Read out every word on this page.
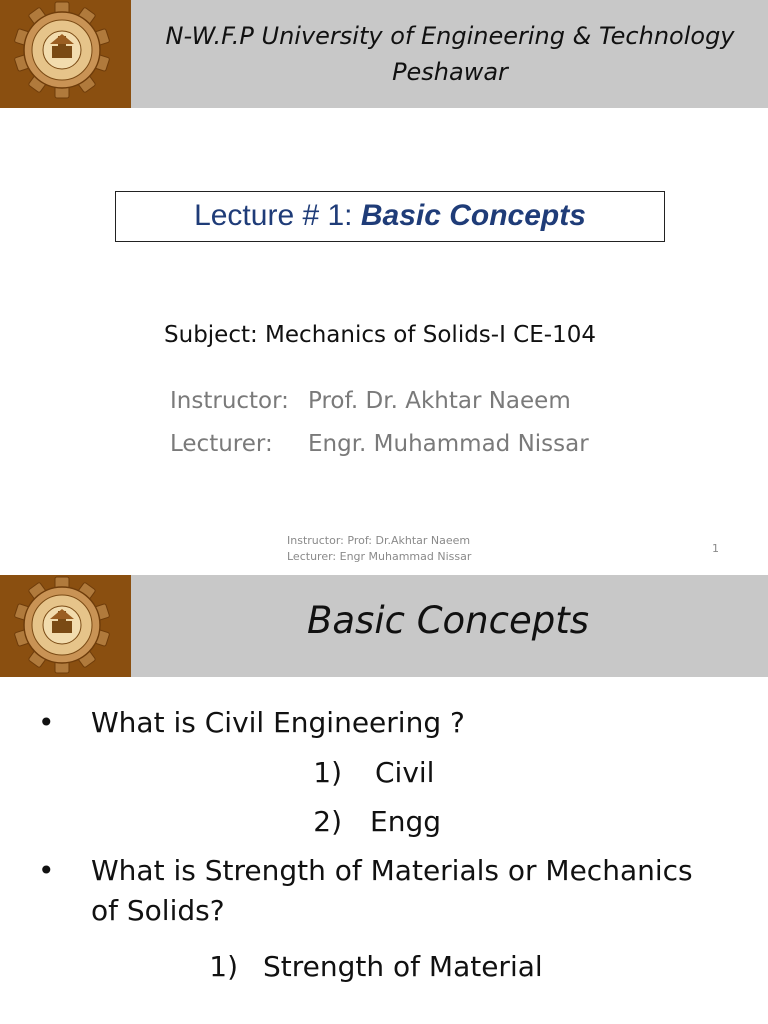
N-W.F.P University of Engineering & Technology
Peshawar
Lecture # 1: Basic Concepts
Subject: Mechanics of Solids-I CE-104
Instructor: Prof. Dr. Akhtar Naeem
Lecturer: Engr. Muhammad Nissar
Instructor: Prof: Dr.Akhtar Naeem
Lecturer: Engr Muhammad Nissar
1
Basic Concepts
• What is Civil Engineering ?
1) Civil
2) Engg
• What is Strength of Materials or Mechanics of Solids?
1) Strength of Material
